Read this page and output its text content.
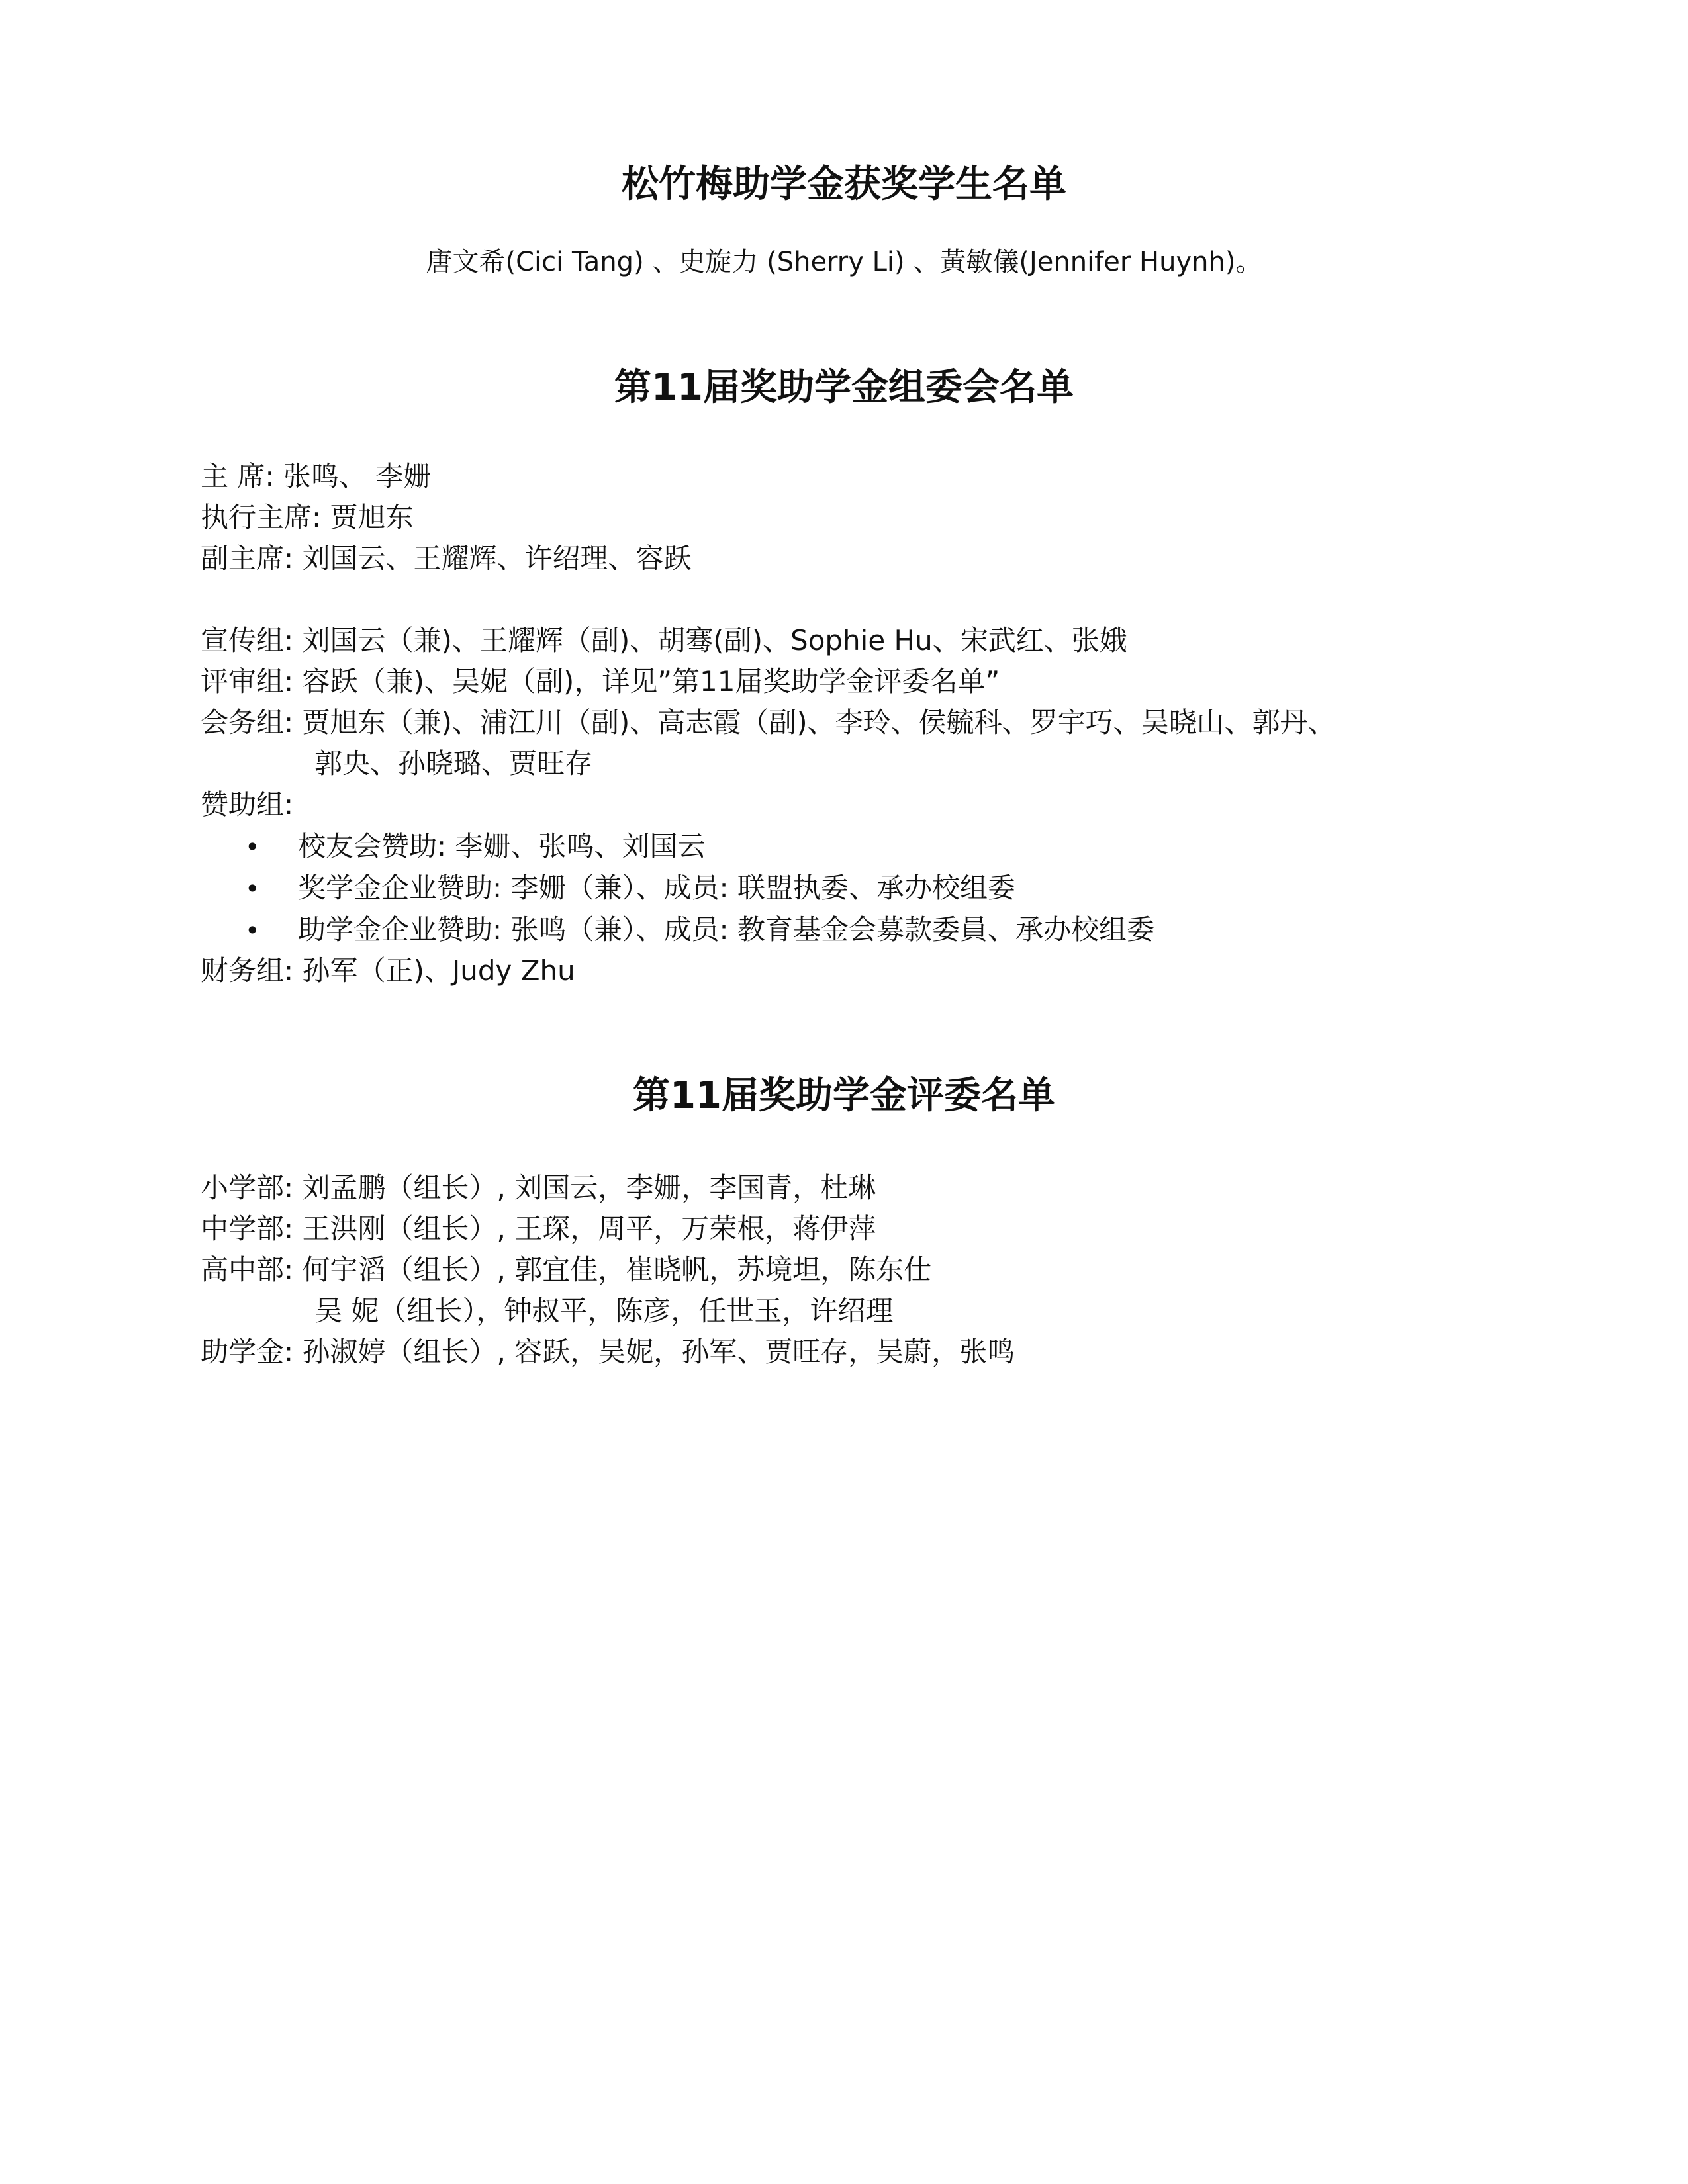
松竹梅助学金获奖学生名单

唐文希(Cici Tang) 、史旋力 (Sherry Li) 、黃敏儀(Jennifer Huynh)。

第11届奖助学金组委会名单

主 席: 张鸣、 李姗

执行主席: 贾旭东

副主席: 刘国云、王耀辉、许绍理、容跃

宣传组: 刘国云（兼)、王耀辉（副)、胡骞(副)、Sophie Hu、宋武红、张娥

评审组: 容跃（兼)、吴妮（副)，详见”第11届奖助学金评委名单”

会务组: 贾旭东（兼)、浦江川（副)、高志霞（副)、李玲、侯毓科、罗宇巧、吴晓山、郭丹、

郭央、孙晓璐、贾旺存

赞助组:

• 校友会赞助: 李姗、张鸣、刘国云

• 奖学金企业赞助: 李姗（兼）、成员: 联盟执委、承办校组委

• 助学金企业赞助: 张鸣（兼）、成员: 教育基金会募款委員、承办校组委

财务组: 孙军（正)、Judy Zhu

第11届奖助学金评委名单

小学部: 刘孟鹏（组长）, 刘国云，李姗，李国青，杜琳

中学部: 王洪刚（组长）, 王琛，周平，万荣根，蒋伊萍

高中部: 何宇滔（组长）, 郭宜佳，崔晓帆，苏境坦，陈东仕

吴 妮（组长），钟叔平，陈彦，任世玉，许绍理

助学金: 孙淑婷（组长）, 容跃，吴妮，孙军、贾旺存，吴蔚，张鸣
